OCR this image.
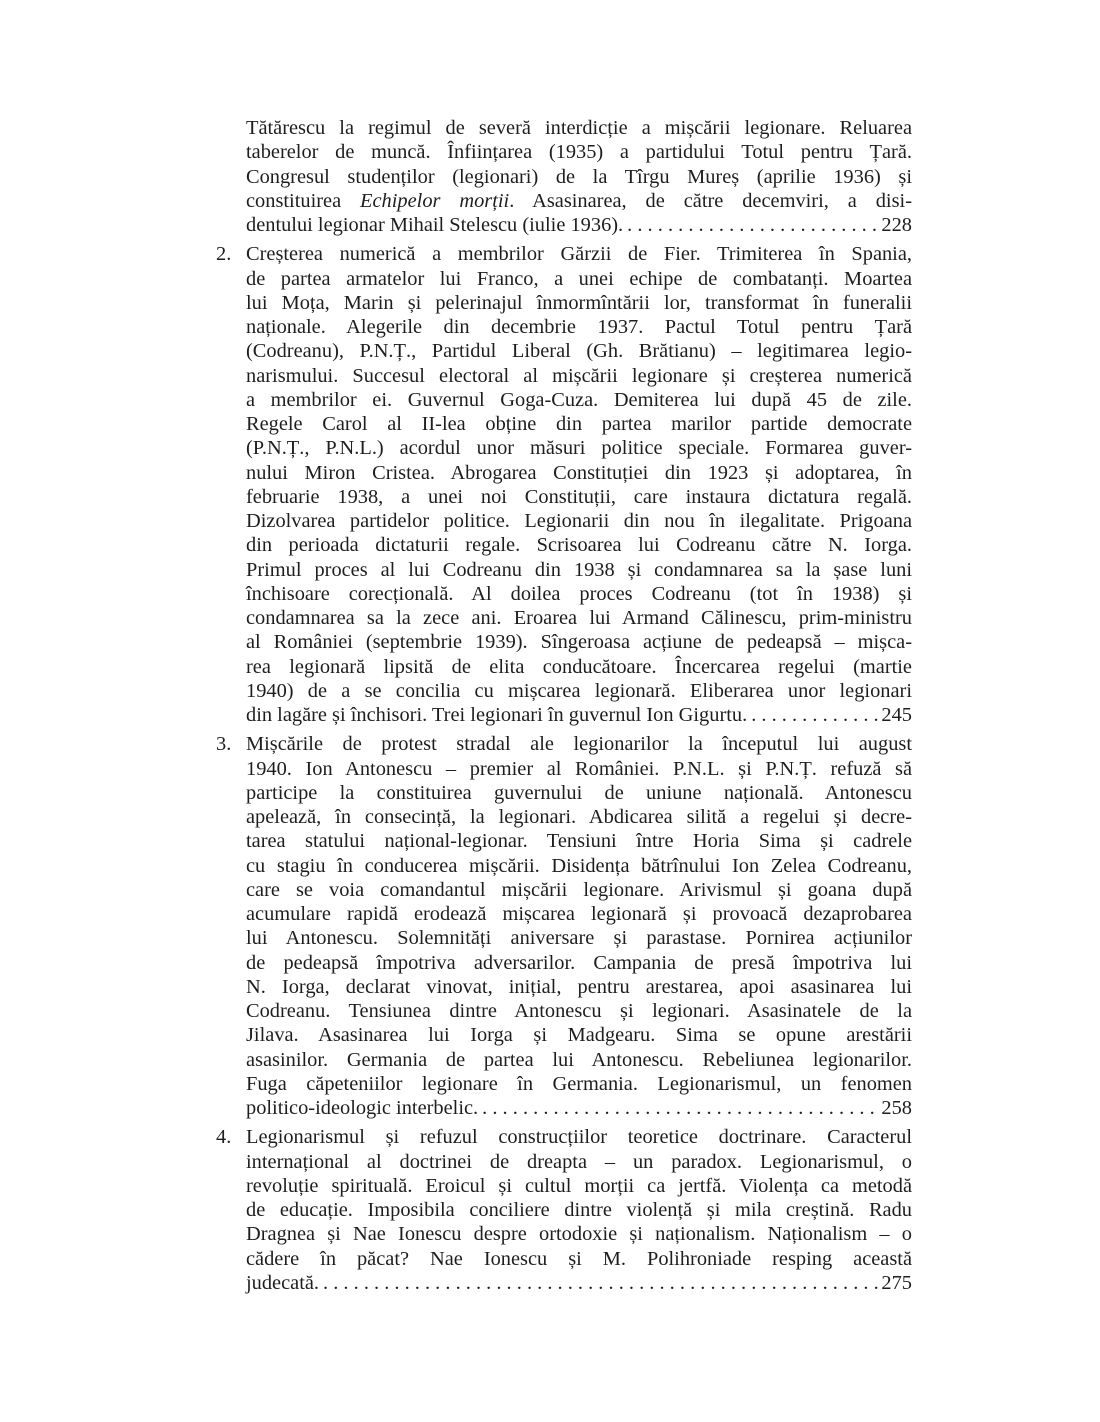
Tătărescu la regimul de severă interdicție a mișcării legionare. Reluarea
taberelor de muncă. Înființarea (1935) a partidului Totul pentru Țară.
Congresul studenților (legionari) de la Tîrgu Mureș (aprilie 1936) și
constituirea Echipelor morții. Asasinarea, de către decemviri, a disi-
dentului legionar Mihail Stelescu (iulie 1936). . . .	228
2. Creșterea numerică a membrilor Gărzii de Fier. Trimiterea în Spania,
de partea armatelor lui Franco, a unei echipe de combatanți. Moartea
lui Moța, Marin și pelerinajul înmormîntării lor, transformat în funeralii
naționale. Alegerile din decembrie 1937. Pactul Totul pentru Țară
(Codreanu), P.N.Ț., Partidul Liberal (Gh. Brătianu) – legitimarea legio-
narismului. Succesul electoral al mișcării legionare și creșterea numerică
a membrilor ei. Guvernul Goga-Cuza. Demiterea lui după 45 de zile.
Regele Carol al II-lea obține din partea marilor partide democrate
(P.N.Ț., P.N.L.) acordul unor măsuri politice speciale. Formarea guver-
nului Miron Cristea. Abrogarea Constituției din 1923 și adoptarea, în
februarie 1938, a unei noi Constituții, care instaura dictatura regală.
Dizolvarea partidelor politice. Legionarii din nou în ilegalitate. Prigoana
din perioada dictaturii regale. Scrisoarea lui Codreanu către N. Iorga.
Primul proces al lui Codreanu din 1938 și condamnarea sa la șase luni
închisoare corecțională. Al doilea proces Codreanu (tot în 1938) și
condamnarea sa la zece ani. Eroarea lui Armand Călinescu, prim-ministru
al României (septembrie 1939). Sîngeroasa acțiune de pedeapsă – mișca-
rea legionară lipsită de elita conducătoare. Încercarea regelui (martie
1940) de a se concilia cu mișcarea legionară. Eliberarea unor legionari
din lagăre și închisori. Trei legionari în guvernul Ion Gigurtu. . . .	245
3. Mișcările de protest stradal ale legionarilor la începutul lui august
1940. Ion Antonescu – premier al României. P.N.L. și P.N.Ț. refuză să
participe la constituirea guvernului de uniune națională. Antonescu
apelează, în consecință, la legionari. Abdicarea silită a regelui și decre-
tarea statului național-legionar. Tensiuni între Horia Sima și cadrele
cu stagiu în conducerea mișcării. Disidența bătrînului Ion Zelea Codreanu,
care se voia comandantul mișcării legionare. Arivismul și goana după
acumulare rapidă erodează mișcarea legionară și provoacă dezaprobarea
lui Antonescu. Solemnități aniversare și parastase. Pornirea acțiunilor
de pedeapsă împotriva adversarilor. Campania de presă împotriva lui
N. Iorga, declarat vinovat, inițial, pentru arestarea, apoi asasinarea lui
Codreanu. Tensiunea dintre Antonescu și legionari. Asasinatele de la
Jilava. Asasinarea lui Iorga și Madgearu. Sima se opune arestării
asasinilor. Germania de partea lui Antonescu. Rebeliunea legionarilor.
Fuga căpeteniilor legionare în Germania. Legionarismul, un fenomen
politico-ideologic interbelic. . . .	258
4. Legionarismul și refuzul construcțiilor teoretice doctrinare. Caracterul
internațional al doctrinei de dreapta – un paradox. Legionarismul, o
revoluție spirituală. Eroicul și cultul morții ca jertfă. Violența ca metodă
de educație. Imposibila conciliere dintre violență și mila creștină. Radu
Dragnea și Nae Ionescu despre ortodoxie și naționalism. Naționalism – o
cădere în păcat? Nae Ionescu și M. Polihroniade resping această
judecată. . . .	275
